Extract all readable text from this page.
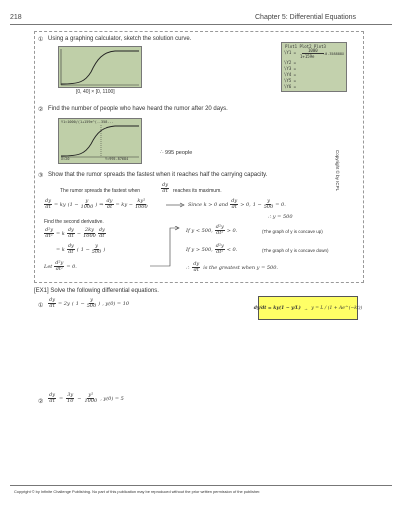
218	Chapter 5: Differential Equations
① Using a graphing calculator, sketch the solution curve.
[0, 40] × [0, 1100]
Plot1 Plot2 Plot3
\Y1 =	1000
1+159e -0.358888X
\Y2 =
\Y3 =
\Y4 =
\Y5 =
\Y6 =
② Find the number of people who have heard the rumor after 20 days.
Y1=1000/(1+159e^(-.358...
X=20	Y=995.87684
∴ 995 people
③ Show that the rumor spreads the fastest when it reaches half the carrying capacity.
The rumor spreads the fastest when	$\frac{dy}{dt}$ reaches its maximum.
$\frac{dy}{dt}$ = ky ($1 - \frac{y}{1000}$ ) ⇒ $\frac{dy}{dt}$ = ky − $\frac{\text{ky²}}{1000}$	Since k > 0 and $\frac{dy}{dt} > 0$, $1 - \frac{y}{500} = 0$.
∴ y = 500
Find the second derivative.
$\frac{\text{d²y}}{\text{dt²}} = k \frac{dy}{dt} - \frac{2ky}{1000} \frac{dy}{dt}$
= k $\frac{dy}{dt}$ ( $1 - \frac{y}{500}$ )
Let $\frac{\text{d²y}}{\text{dt²}} = 0$.
If y < 500, $\frac{\text{d²y}}{\text{dt²}} > 0$.	(The graph of y is concave up)
If y > 500, $\frac{\text{d²y}}{\text{dt²}} < 0$.	(The graph of y is concave down)
∴ $\frac{dy}{dt}$ is the greatest when y = 500.
Copyright © by ICPL
[EX1] Solve the following differential equations.
① $\frac{dy}{dt} = 2y$ ( $1 - \frac{y}{500}$ ) , y(0) = 10
dy/dt = ky(1 − y/L) → y = L / (1 + Ae^(−kt))
② $\frac{dy}{dt} = \frac{3y}{10} - \frac{\text{y²}}{1000}$ , y(0) = 5
Copyright © by Infinite Challenge Publishing. No part of this publication may be reproduced without the prior written permission of the publisher.
